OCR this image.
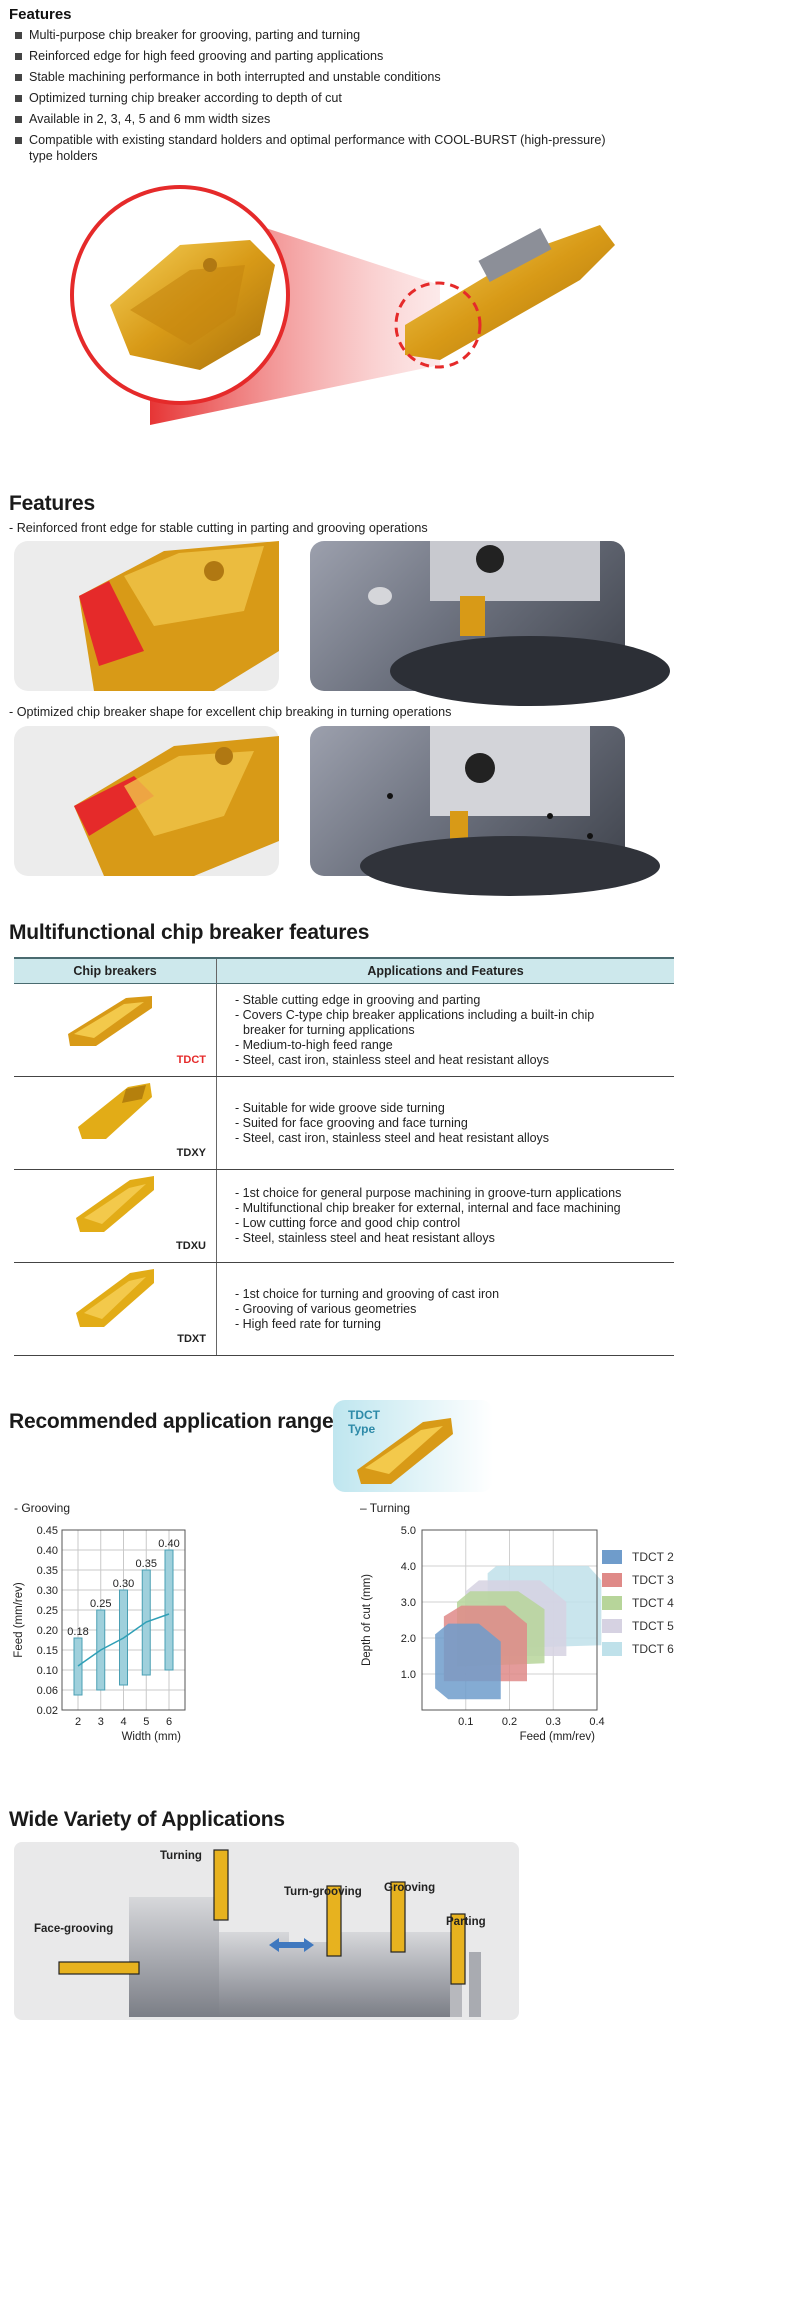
Features
Multi-purpose chip breaker for grooving, parting and turning
Reinforced edge for high feed grooving and parting applications
Stable machining performance in both interrupted and unstable conditions
Optimized turning chip breaker according to depth of cut
Available in 2, 3, 4, 5 and 6 mm width sizes
Compatible with existing standard holders and optimal performance with COOL-BURST (high-pressure)
type holders
Features
- Reinforced front edge for stable cutting in parting and grooving operations
- Optimized chip breaker shape for excellent chip breaking in turning operations
Multifunctional chip breaker features
Chip breakers	Applications and Features

TDCT	- Stable cutting edge in grooving and parting
- Covers C-type chip breaker applications including a built-in chip
breaker for turning applications
- Medium-to-high feed range
- Steel, cast iron, stainless steel and heat resistant alloys

TDXY	- Suitable for wide groove side turning
- Suited for face grooving and face turning
- Steel, cast iron, stainless steel and heat resistant alloys

TDXU	- 1st choice for general purpose machining in groove-turn applications
- Multifunctional chip breaker for external, internal and face machining
- Low cutting force and good chip control
- Steel, stainless steel and heat resistant alloys

TDXT	- 1st choice for turning and grooving of cast iron
- Grooving of various geometries
- High feed rate for turning
Recommended application range TDCT
Type
- Grooving	– Turning
0.45
0.40
0.35
0.30
0.25
0.20
0.15
0.10
0.06
0.02
0.18
0.25
0.30
0.35
0.40
2 3 4 5 6
Width (mm)
Feed (mm/rev)
5.0
4.0
3.0
2.0
1.0
0.1	0.2	0.3	0.4
Feed (mm/rev)
Depth of cut (mm)
TDCT 2
TDCT 3
TDCT 4
TDCT 5
TDCT 6
Wide Variety of Applications
Turning
Face-grooving
Turn-grooving Grooving
Parting
